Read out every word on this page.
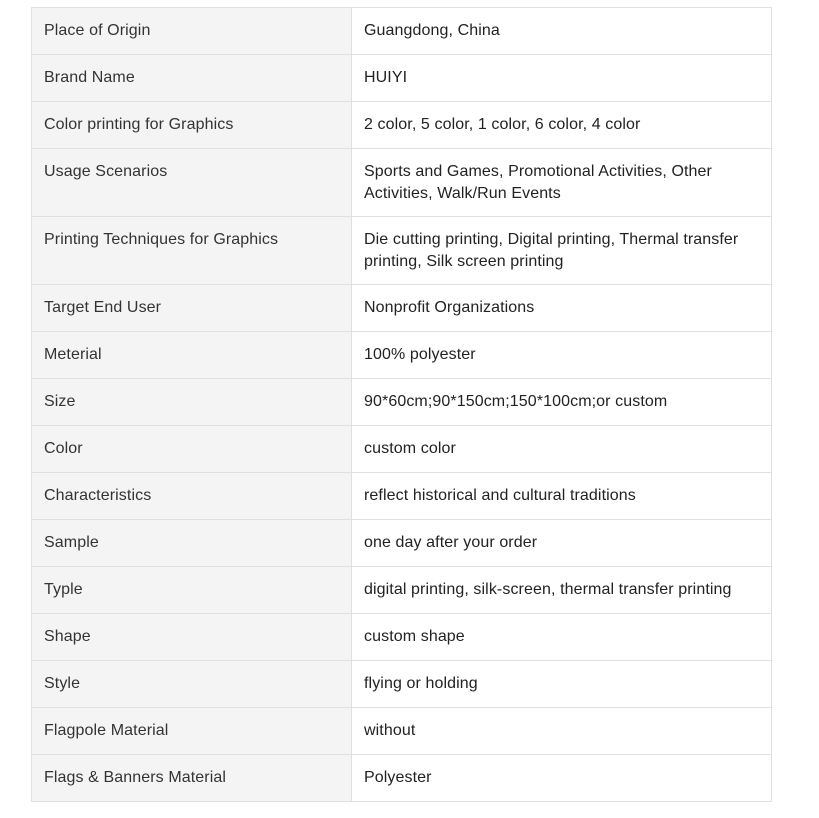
Place of Origin	Guangdong, China
Brand Name	HUIYI
Color printing for Graphics	2 color, 5 color, 1 color, 6 color, 4 color
Usage Scenarios	Sports and Games, Promotional Activities, Other Activities, Walk/Run Events
Printing Techniques for Graphics	Die cutting printing, Digital printing, Thermal transfer printing, Silk screen printing
Target End User	Nonprofit Organizations
Meterial	100% polyester
Size	90*60cm;90*150cm;150*100cm;or custom
Color	custom color
Characteristics	reflect historical and cultural traditions
Sample	one day after your order
Typle	digital printing, silk-screen, thermal transfer printing
Shape	custom shape
Style	flying or holding
Flagpole Material	without
Flags & Banners Material	Polyester
